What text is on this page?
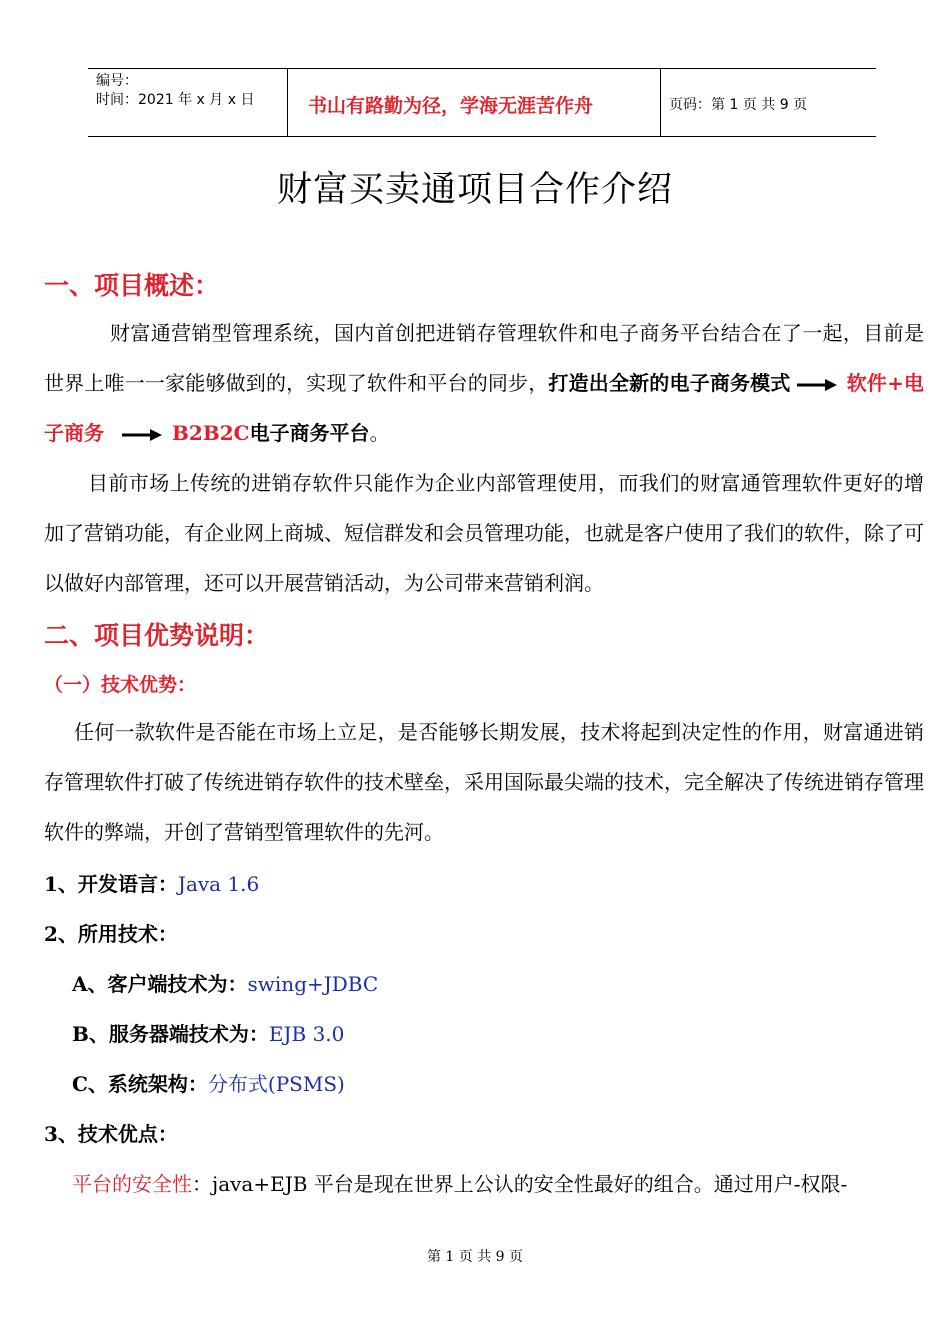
编号：
时间：2021 年 x 月 x 日	书山有路勤为径，学海无涯苦作舟	页码：第 1 页 共 9 页
财富买卖通项目合作介绍
一、项目概述：
财富通营销型管理系统，国内首创把进销存管理软件和电子商务平台结合在了一起，目前是世界上唯一一家能够做到的，实现了软件和平台的同步，打造出全新的电子商务模式	软件+电子商务	B2B2C电子商务平台。
目前市场上传统的进销存软件只能作为企业内部管理使用，而我们的财富通管理软件更好的增加了营销功能，有企业网上商城、短信群发和会员管理功能，也就是客户使用了我们的软件，除了可以做好内部管理，还可以开展营销活动，为公司带来营销利润。
二、项目优势说明：
（一）技术优势：
任何一款软件是否能在市场上立足，是否能够长期发展，技术将起到决定性的作用，财富通进销存管理软件打破了传统进销存软件的技术壁垒，采用国际最尖端的技术，完全解决了传统进销存管理软件的弊端，开创了营销型管理软件的先河。
1、开发语言：Java 1.6
2、所用技术：
A、客户端技术为：swing+JDBC
B、服务器端技术为：EJB 3.0
C、系统架构：分布式(PSMS)
3、技术优点：
平台的安全性：java+EJB 平台是现在世界上公认的安全性最好的组合。通过用户-权限-
第 1 页 共 9 页
